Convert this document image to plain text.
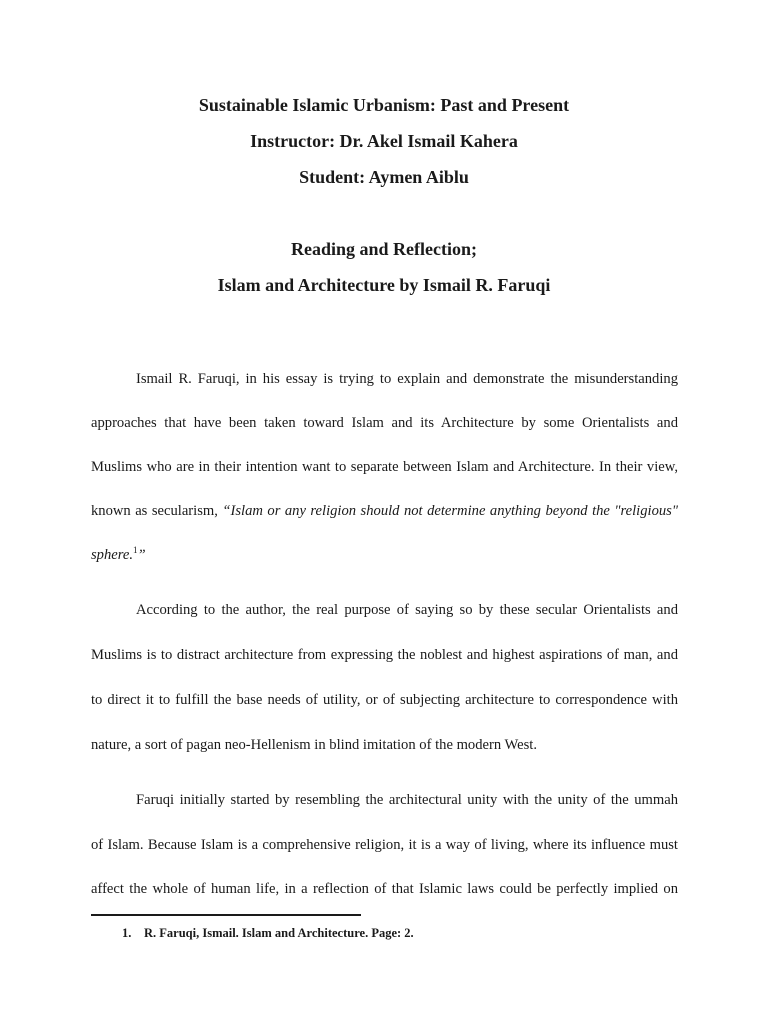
Sustainable Islamic Urbanism: Past and Present
Instructor: Dr. Akel Ismail Kahera
Student: Aymen Aiblu
Reading and Reflection;
Islam and Architecture by Ismail R. Faruqi

Ismail R. Faruqi, in his essay is trying to explain and demonstrate the misunderstanding

approaches that have been taken toward Islam and its Architecture by some Orientalists and

Muslims who are in their intention want to separate between Islam and Architecture. In their view,

known as secularism, “Islam or any religion should not determine anything beyond the "religious"

sphere.$^1$”

According to the author, the real purpose of saying so by these secular Orientalists and

Muslims is to distract architecture from expressing the noblest and highest aspirations of man, and

to direct it to fulfill the base needs of utility, or of subjecting architecture to correspondence with

nature, a sort of pagan neo-Hellenism in blind imitation of the modern West.

Faruqi initially started by resembling the architectural unity with the unity of the ummah

of Islam. Because Islam is a comprehensive religion, it is a way of living, where its influence must

affect the whole of human life, in a reflection of that Islamic laws could be perfectly implied on

1. R. Faruqi, Ismail. Islam and Architecture. Page: 2.
